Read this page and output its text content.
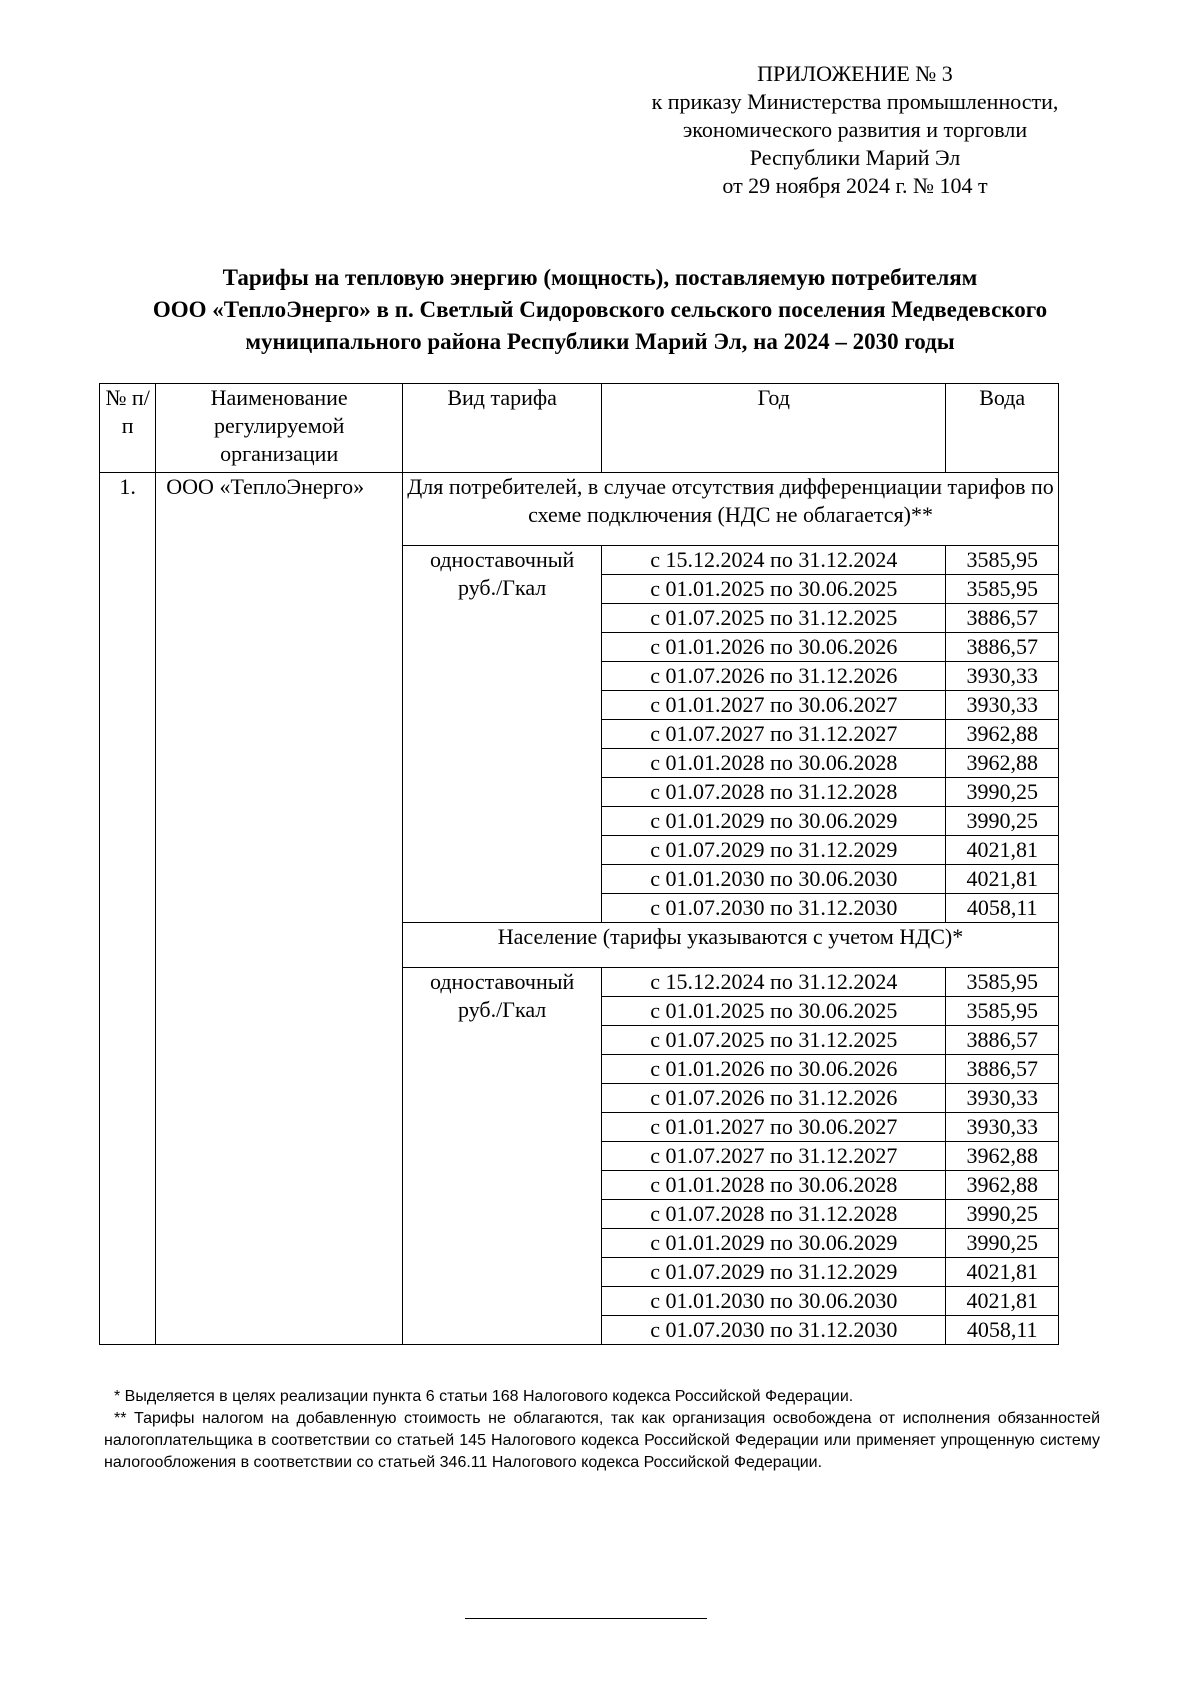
ПРИЛОЖЕНИЕ № 3
к приказу Министерства промышленности,
экономического развития и торговли
Республики Марий Эл
от 29 ноября 2024 г. № 104 т
Тарифы на тепловую энергию (мощность), поставляемую потребителям
ООО «ТеплоЭнерго» в п. Светлый Сидоровского сельского поселения Медведевского
муниципального района Республики Марий Эл, на 2024 – 2030 годы
№ п/п	Наименование регулируемой организации	Вид тарифа	Год	Вода
1.	ООО «ТеплоЭнерго»	Для потребителей, в случае отсутствия дифференциации тарифов по схеме подключения (НДС не облагается)**		

		одноставочный
руб./Гкал	с 15.12.2024 по 31.12.2024	3585,95
			с 01.01.2025 по 30.06.2025	3585,95
			с 01.07.2025 по 31.12.2025	3886,57
			с 01.01.2026 по 30.06.2026	3886,57
			с 01.07.2026 по 31.12.2026	3930,33
			с 01.01.2027 по 30.06.2027	3930,33
			с 01.07.2027 по 31.12.2027	3962,88
			с 01.01.2028 по 30.06.2028	3962,88
			с 01.07.2028 по 31.12.2028	3990,25
			с 01.01.2029 по 30.06.2029	3990,25
			с 01.07.2029 по 31.12.2029	4021,81
			с 01.01.2030 по 30.06.2030	4021,81
			с 01.07.2030 по 31.12.2030	4058,11
		Население (тарифы указываются с учетом НДС)*		

		одноставочный
руб./Гкал	с 15.12.2024 по 31.12.2024	3585,95
			с 01.01.2025 по 30.06.2025	3585,95
			с 01.07.2025 по 31.12.2025	3886,57
			с 01.01.2026 по 30.06.2026	3886,57
			с 01.07.2026 по 31.12.2026	3930,33
			с 01.01.2027 по 30.06.2027	3930,33
			с 01.07.2027 по 31.12.2027	3962,88
			с 01.01.2028 по 30.06.2028	3962,88
			с 01.07.2028 по 31.12.2028	3990,25
			с 01.01.2029 по 30.06.2029	3990,25
			с 01.07.2029 по 31.12.2029	4021,81
			с 01.01.2030 по 30.06.2030	4021,81
			с 01.07.2030 по 31.12.2030	4058,11

* Выделяется в целях реализации пункта 6 статьи 168 Налогового кодекса Российской Федерации.

** Тарифы налогом на добавленную стоимость не облагаются, так как организация освобождена от исполнения обязанностей налогоплательщика в соответствии со статьей 145 Налогового кодекса Российской Федерации или применяет упрощенную систему налогообложения в соответствии со статьей 346.11 Налогового кодекса Российской Федерации.
